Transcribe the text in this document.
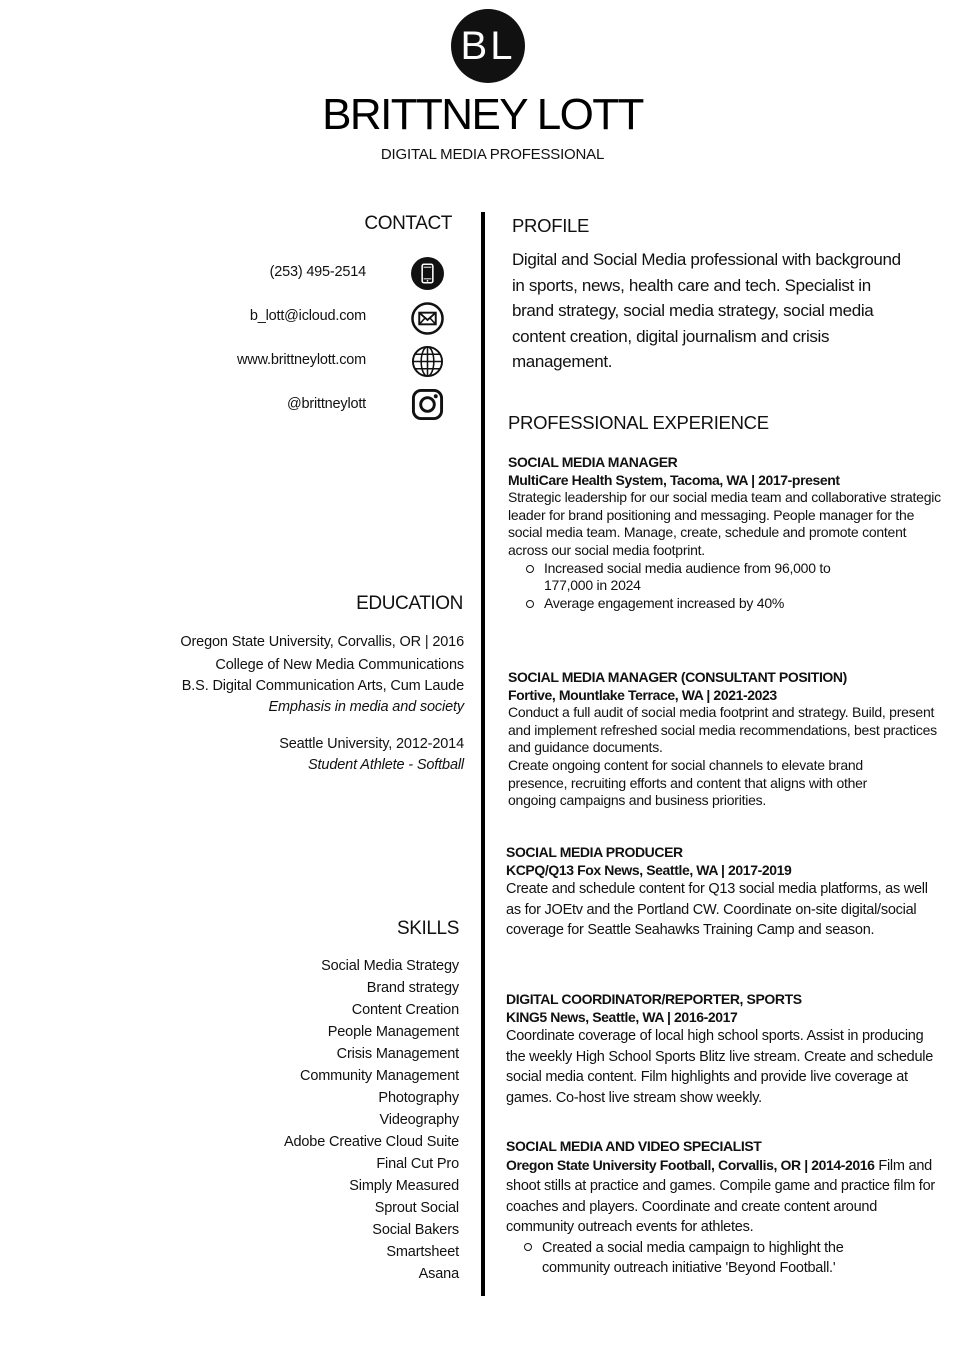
BL
BRITTNEY LOTT
DIGITAL MEDIA PROFESSIONAL
CONTACT
(253) 495-2514
b_lott@icloud.com
www.brittneylott.com
@brittneylott
EDUCATION
Oregon State University, Corvallis, OR | 2016
College of New Media Communications
B.S. Digital Communication Arts, Cum Laude
Emphasis in media and society
Seattle University, 2012-2014
Student Athlete - Softball
SKILLS
Social Media Strategy
Brand strategy
Content Creation
People Management
Crisis Management
Community Management
Photography
Videography
Adobe Creative Cloud Suite
Final Cut Pro
Simply Measured
Sprout Social
Social Bakers
Smartsheet
Asana
PROFILE
Digital and Social Media professional with background in sports, news, health care and tech. Specialist in brand strategy, social media strategy, social media content creation, digital journalism and crisis management.
PROFESSIONAL EXPERIENCE
SOCIAL MEDIA MANAGER
MultiCare Health System, Tacoma, WA | 2017-present
Strategic leadership for our social media team and collaborative strategic leader for brand positioning and messaging. People manager for the social media team. Manage, create, schedule and promote content across our social media footprint.
Increased social media audience from 96,000 to 177,000 in 2024
Average engagement increased by 40%
SOCIAL MEDIA MANAGER (CONSULTANT POSITION)
Fortive, Mountlake Terrace, WA | 2021-2023
Conduct a full audit of social media footprint and strategy. Build, present and implement refreshed social media recommendations, best practices and guidance documents.
Create ongoing content for social channels to elevate brand presence, recruiting efforts and content that aligns with other ongoing campaigns and business priorities.
SOCIAL MEDIA PRODUCER
KCPQ/Q13 Fox News, Seattle, WA | 2017-2019
Create and schedule content for Q13 social media platforms, as well as for JOEtv and the Portland CW. Coordinate on-site digital/social coverage for Seattle Seahawks Training Camp and season.
DIGITAL COORDINATOR/REPORTER, SPORTS
KING5 News, Seattle, WA | 2016-2017
Coordinate coverage of local high school sports. Assist in producing the weekly High School Sports Blitz live stream. Create and schedule social media content. Film highlights and provide live coverage at games. Co-host live stream show weekly.
SOCIAL MEDIA AND VIDEO SPECIALIST
Oregon State University Football, Corvallis, OR | 2014-2016 Film and shoot stills at practice and games. Compile game and practice film for coaches and players. Coordinate and create content around community outreach events for athletes.
Created a social media campaign to highlight the community outreach initiative 'Beyond Football.'
